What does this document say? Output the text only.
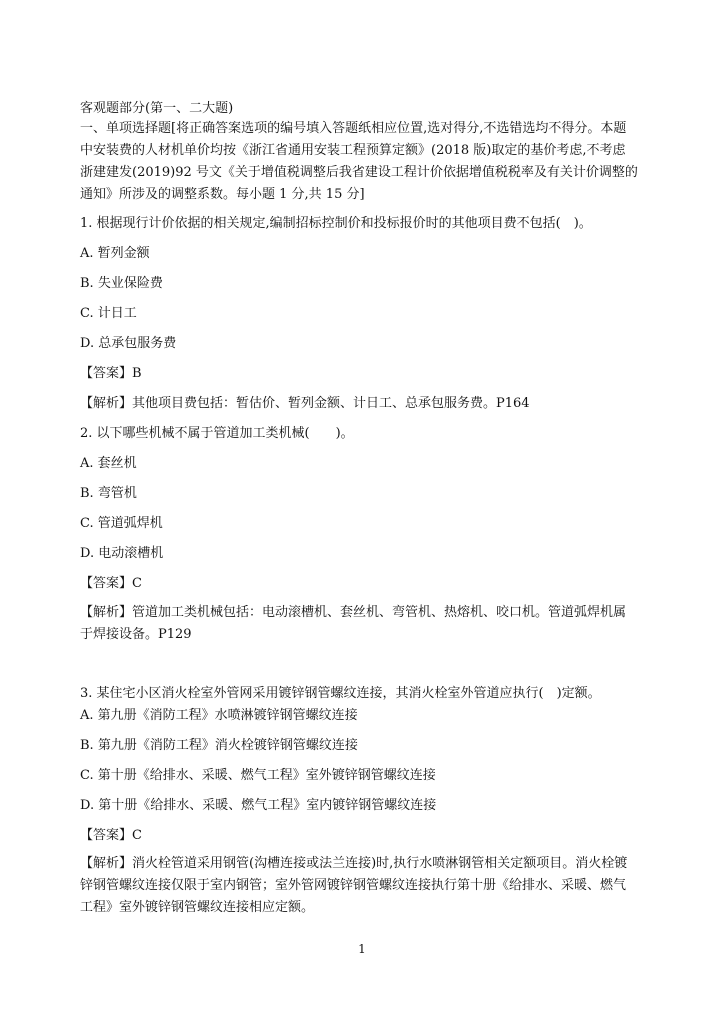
客观题部分(第一、二大题)
一、单项选择题[将正确答案选项的编号填入答题纸相应位置,选对得分,不选错选均不得分。本题
中安装费的人材机单价均按《浙江省通用安装工程预算定额》(2018 版)取定的基价考虑,不考虑
浙建建发(2019)92 号文《关于增值税调整后我省建设工程计价依据增值税税率及有关计价调整的
通知》所涉及的调整系数。每小题 1 分,共 15 分]
1. 根据现行计价依据的相关规定,编制招标控制价和投标报价时的其他项目费不包括(　)。
A. 暂列金额
B. 失业保险费
C. 计日工
D. 总承包服务费
【答案】B
【解析】其他项目费包括：暂估价、暂列金额、计日工、总承包服务费。P164
2. 以下哪些机械不属于管道加工类机械(　　)。
A. 套丝机
B. 弯管机
C. 管道弧焊机
D. 电动滚槽机
【答案】C
【解析】管道加工类机械包括：电动滚槽机、套丝机、弯管机、热熔机、咬口机。管道弧焊机属
于焊接设备。P129
3. 某住宅小区消火栓室外管网采用镀锌钢管螺纹连接，其消火栓室外管道应执行(　)定额。
A. 第九册《消防工程》水喷淋镀锌钢管螺纹连接
B. 第九册《消防工程》消火栓镀锌钢管螺纹连接
C. 第十册《给排水、采暖、燃气工程》室外镀锌钢管螺纹连接
D. 第十册《给排水、采暖、燃气工程》室内镀锌钢管螺纹连接
【答案】C
【解析】消火栓管道采用钢管(沟槽连接或法兰连接)时,执行水喷淋钢管相关定额项目。消火栓镀
锌钢管螺纹连接仅限于室内钢管；室外管网镀锌钢管螺纹连接执行第十册《给排水、采暖、燃气
工程》室外镀锌钢管螺纹连接相应定额。
1
